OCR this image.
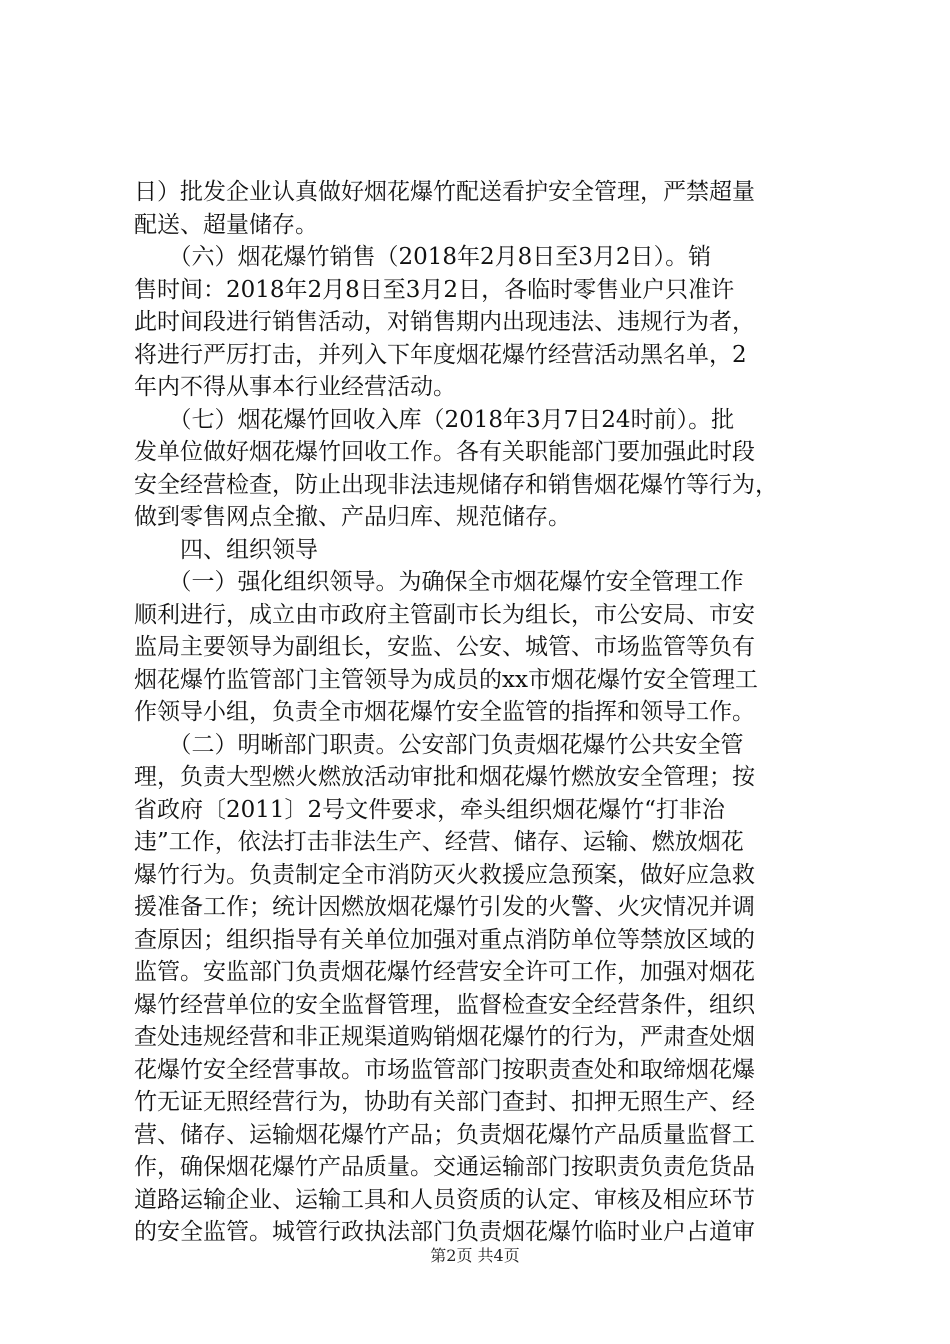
日）批发企业认真做好烟花爆竹配送看护安全管理，严禁超量
配送、超量储存。
　　（六）烟花爆竹销售（2018年2月8日至3月2日）。销
售时间：2018年2月8日至3月2日，各临时零售业户只准许
此时间段进行销售活动，对销售期内出现违法、违规行为者，
将进行严厉打击，并列入下年度烟花爆竹经营活动黑名单，2
年内不得从事本行业经营活动。
　　（七）烟花爆竹回收入库（2018年3月7日24时前）。批
发单位做好烟花爆竹回收工作。各有关职能部门要加强此时段
安全经营检查，防止出现非法违规储存和销售烟花爆竹等行为，
做到零售网点全撤、产品归库、规范储存。
　　四、组织领导
　　（一）强化组织领导。为确保全市烟花爆竹安全管理工作
顺利进行，成立由市政府主管副市长为组长，市公安局、市安
监局主要领导为副组长，安监、公安、城管、市场监管等负有
烟花爆竹监管部门主管领导为成员的xx市烟花爆竹安全管理工
作领导小组，负责全市烟花爆竹安全监管的指挥和领导工作。
　　（二）明晰部门职责。公安部门负责烟花爆竹公共安全管
理，负责大型燃火燃放活动审批和烟花爆竹燃放安全管理；按
省政府〔2011〕2号文件要求，牵头组织烟花爆竹“打非治
违”工作，依法打击非法生产、经营、储存、运输、燃放烟花
爆竹行为。负责制定全市消防灭火救援应急预案，做好应急救
援准备工作；统计因燃放烟花爆竹引发的火警、火灾情况并调
查原因；组织指导有关单位加强对重点消防单位等禁放区域的
监管。安监部门负责烟花爆竹经营安全许可工作，加强对烟花
爆竹经营单位的安全监督管理，监督检查安全经营条件，组织
查处违规经营和非正规渠道购销烟花爆竹的行为，严肃查处烟
花爆竹安全经营事故。市场监管部门按职责查处和取缔烟花爆
竹无证无照经营行为，协助有关部门查封、扣押无照生产、经
营、储存、运输烟花爆竹产品；负责烟花爆竹产品质量监督工
作，确保烟花爆竹产品质量。交通运输部门按职责负责危货品
道路运输企业、运输工具和人员资质的认定、审核及相应环节
的安全监管。城管行政执法部门负责烟花爆竹临时业户占道审
第2页 共4页
